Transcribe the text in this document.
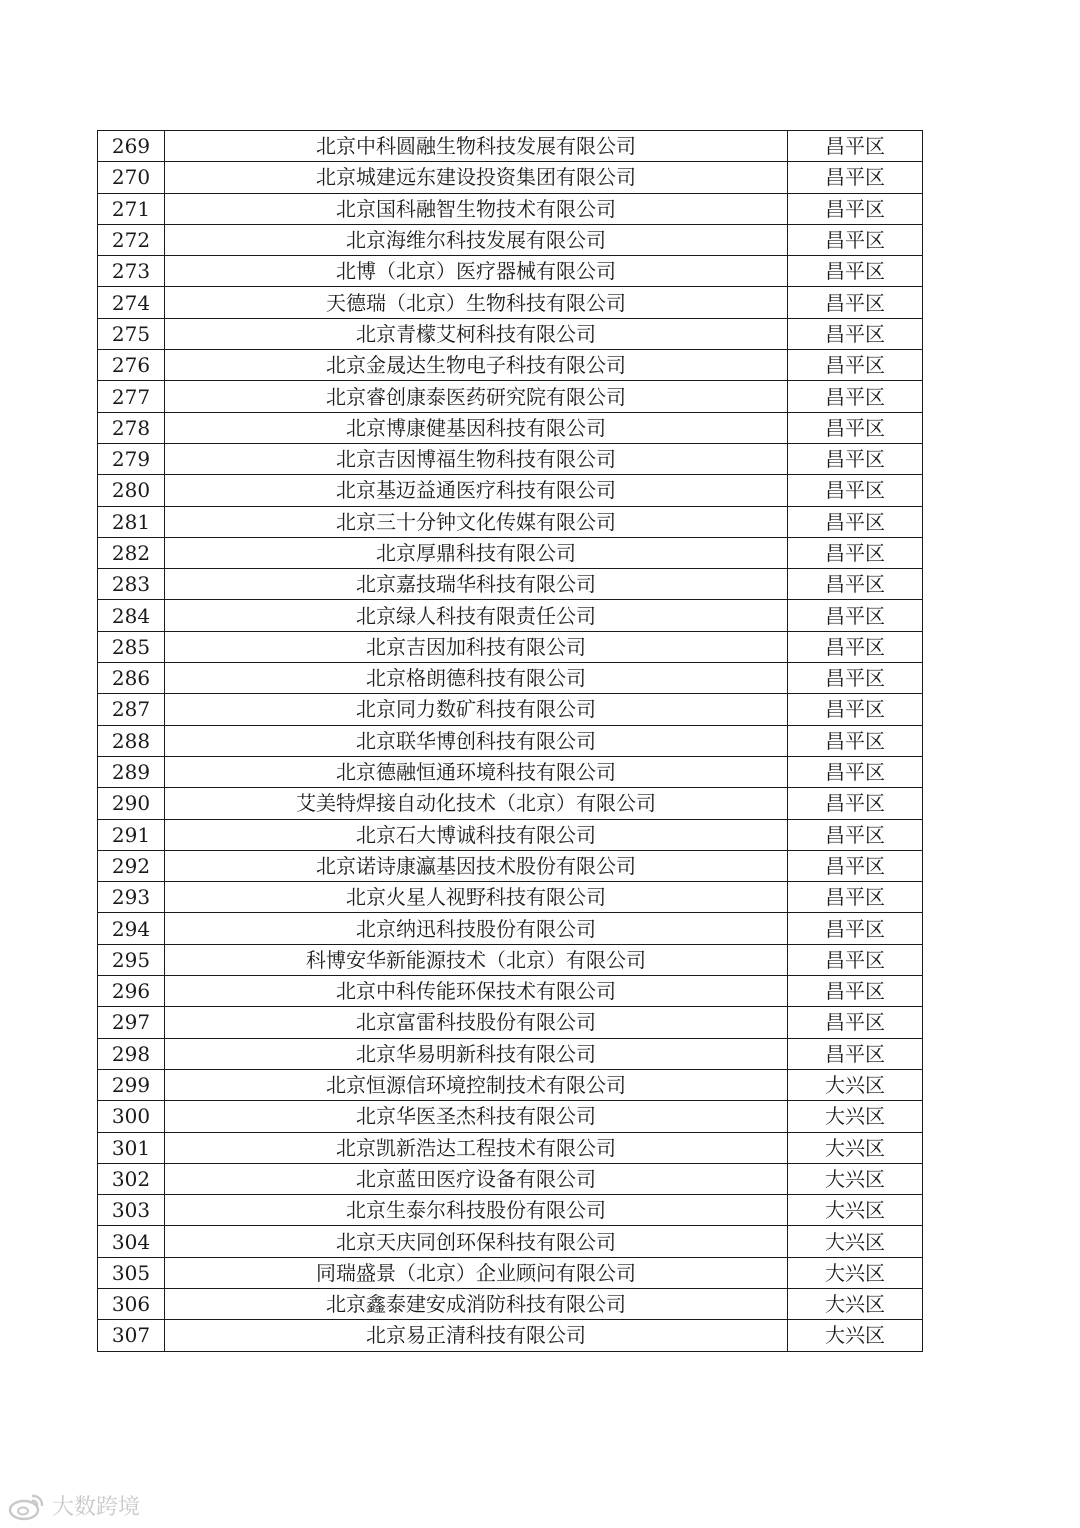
269	北京中科圆融生物科技发展有限公司	昌平区
270	北京城建远东建设投资集团有限公司	昌平区
271	北京国科融智生物技术有限公司	昌平区
272	北京海维尔科技发展有限公司	昌平区
273	北博（北京）医疗器械有限公司	昌平区
274	天德瑞（北京）生物科技有限公司	昌平区
275	北京青檬艾柯科技有限公司	昌平区
276	北京金晟达生物电子科技有限公司	昌平区
277	北京睿创康泰医药研究院有限公司	昌平区
278	北京博康健基因科技有限公司	昌平区
279	北京吉因博福生物科技有限公司	昌平区
280	北京基迈益通医疗科技有限公司	昌平区
281	北京三十分钟文化传媒有限公司	昌平区
282	北京厚鼎科技有限公司	昌平区
283	北京嘉技瑞华科技有限公司	昌平区
284	北京绿人科技有限责任公司	昌平区
285	北京吉因加科技有限公司	昌平区
286	北京格朗德科技有限公司	昌平区
287	北京同力数矿科技有限公司	昌平区
288	北京联华博创科技有限公司	昌平区
289	北京德融恒通环境科技有限公司	昌平区
290	艾美特焊接自动化技术（北京）有限公司	昌平区
291	北京石大博诚科技有限公司	昌平区
292	北京诺诗康瀛基因技术股份有限公司	昌平区
293	北京火星人视野科技有限公司	昌平区
294	北京纳迅科技股份有限公司	昌平区
295	科博安华新能源技术（北京）有限公司	昌平区
296	北京中科传能环保技术有限公司	昌平区
297	北京富雷科技股份有限公司	昌平区
298	北京华易明新科技有限公司	昌平区
299	北京恒源信环境控制技术有限公司	大兴区
300	北京华医圣杰科技有限公司	大兴区
301	北京凯新浩达工程技术有限公司	大兴区
302	北京蓝田医疗设备有限公司	大兴区
303	北京生泰尔科技股份有限公司	大兴区
304	北京天庆同创环保科技有限公司	大兴区
305	同瑞盛景（北京）企业顾问有限公司	大兴区
306	北京鑫泰建安成消防科技有限公司	大兴区
307	北京易正清科技有限公司	大兴区
大数跨境
